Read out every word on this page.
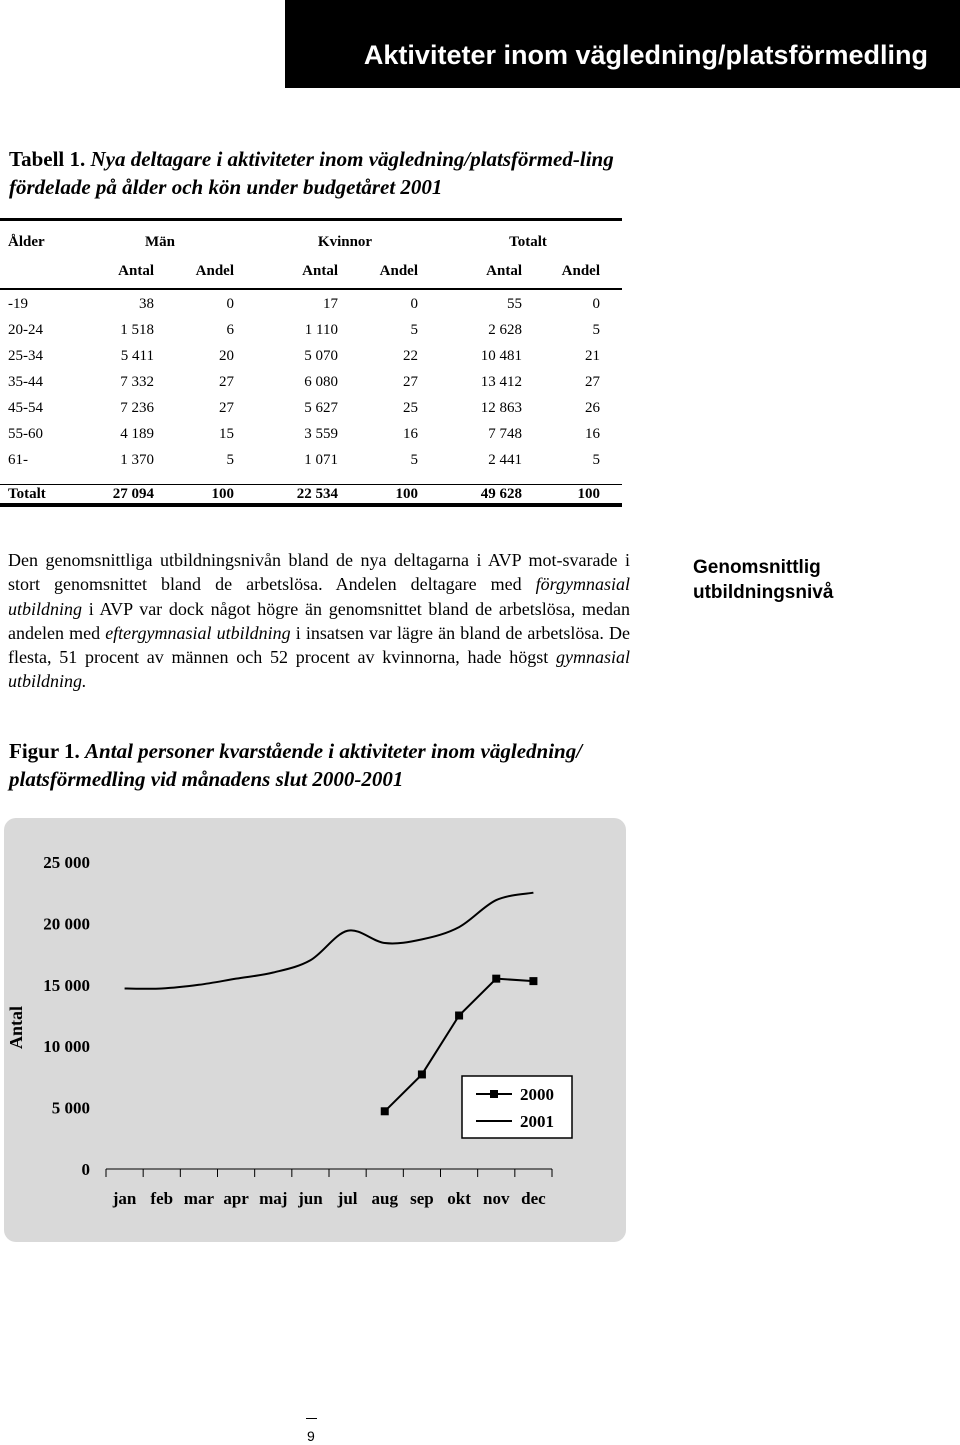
Aktiviteter inom vägledning/platsförmedling
Tabell 1. Nya deltagare i aktiviteter inom vägledning/platsförmed-ling fördelade på ålder och kön under budgetåret 2001
Ålder	Män	Kvinnor	Totalt
Antal	Andel	Antal	Andel	Antal	Andel
-19	38	0	17	0	55	0
20-24	1 518	6	1 110	5	2 628	5
25-34	5 411	20	5 070	22	10 481	21
35-44	7 332	27	6 080	27	13 412	27
45-54	7 236	27	5 627	25	12 863	26
55-60	4 189	15	3 559	16	7 748	16
61-	1 370	5	1 071	5	2 441	5
Totalt	27 094	100	22 534	100	49 628	100
Den genomsnittliga utbildningsnivån bland de nya deltagarna i AVP mot-svarade i stort genomsnittet bland de arbetslösa. Andelen deltagare med förgymnasial utbildning i AVP var dock något högre än genomsnittet bland de arbetslösa, medan andelen med eftergymnasial utbildning i insatsen var lägre än bland de arbetslösa. De flesta, 51 procent av männen och 52 procent av kvinnorna, hade högst gymnasial utbildning.
Genomsnittlig
utbildningsnivå
Figur 1. Antal personer kvarstående i aktiviteter inom vägledning/ platsförmedling vid månadens slut 2000-2001
jan feb mar apr maj jun jul aug sep okt nov dec
0
5 000
10 000
15 000
20 000
25 000
Antal
2000
2001
9
